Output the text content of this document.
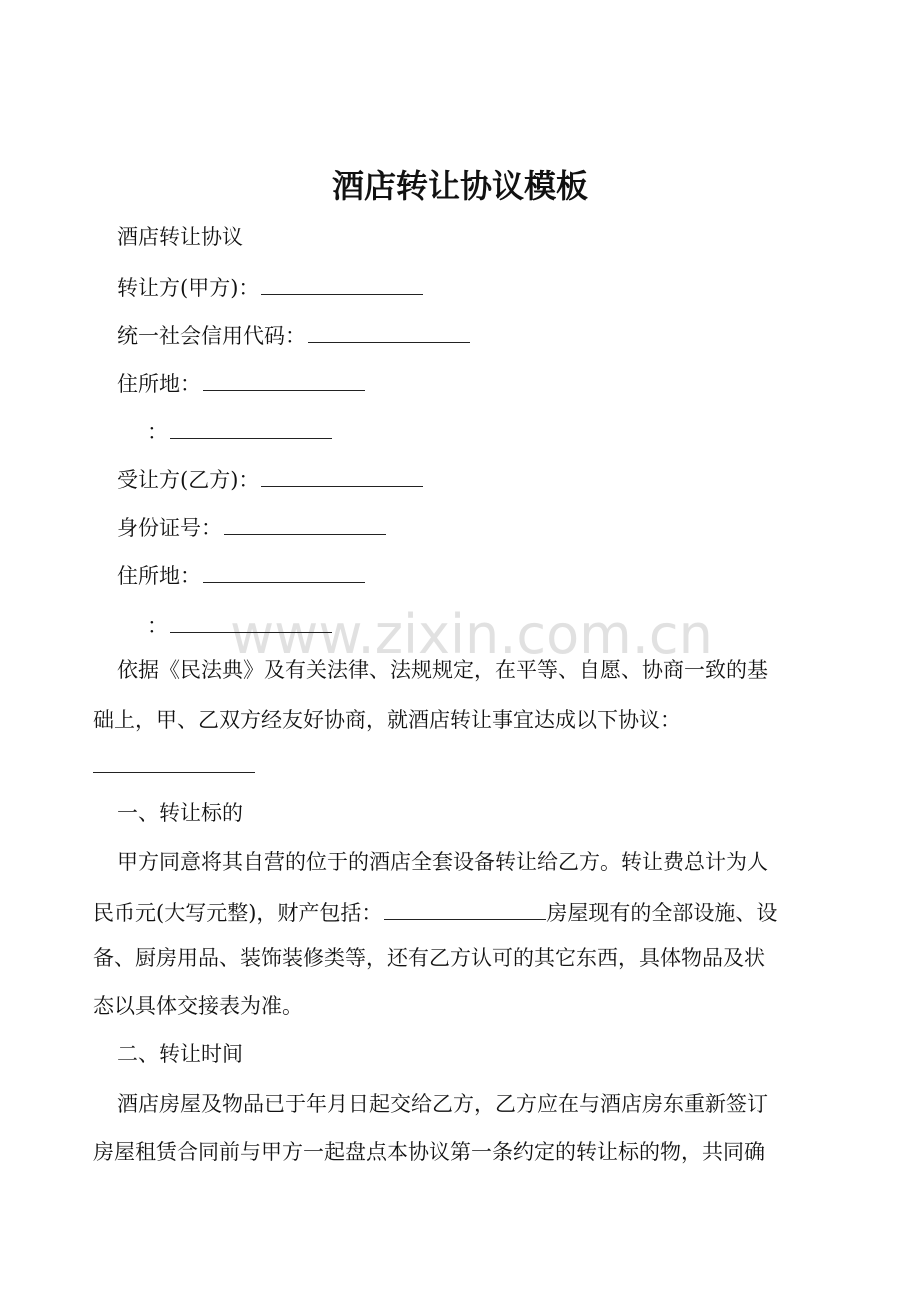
www.zixin.com.cn
酒店转让协议模板
酒店转让协议
转让方(甲方)：
统一社会信用代码：
住所地：
：
受让方(乙方)：
身份证号：
住所地：
：
依据《民法典》及有关法律、法规规定，在平等、自愿、协商一致的基
础上，甲、乙双方经友好协商，就酒店转让事宜达成以下协议：
一、转让标的
甲方同意将其自营的位于的酒店全套设备转让给乙方。转让费总计为人
民币元(大写元整)，财产包括：	房屋现有的全部设施、设
备、厨房用品、装饰装修类等，还有乙方认可的其它东西，具体物品及状
态以具体交接表为准。
二、转让时间
酒店房屋及物品已于年月日起交给乙方，乙方应在与酒店房东重新签订
房屋租赁合同前与甲方一起盘点本协议第一条约定的转让标的物，共同确
